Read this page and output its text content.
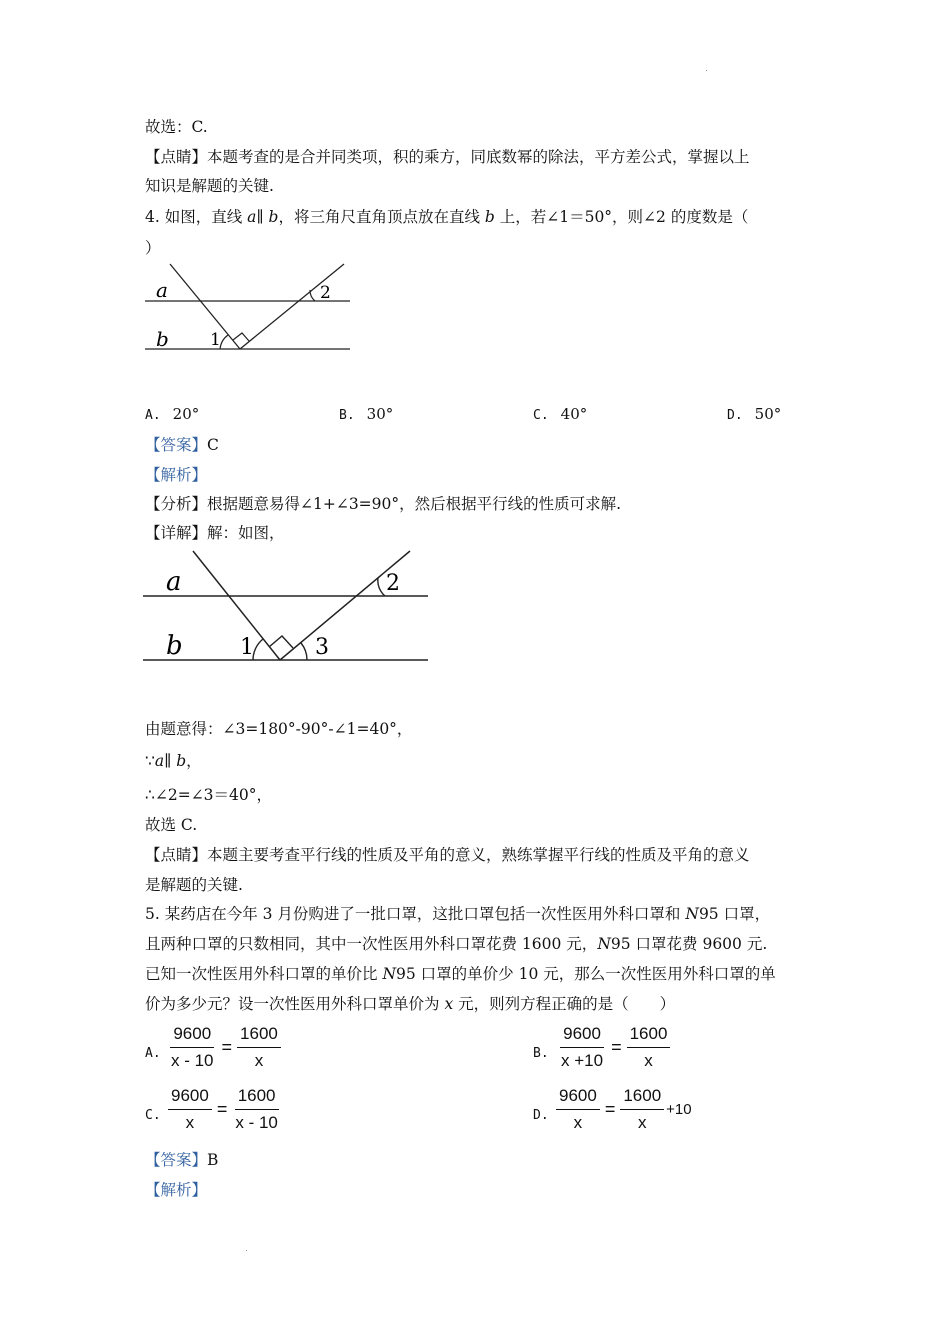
故选：C.
【点睛】本题考查的是合并同类项，积的乘方，同底数幂的除法，平方差公式，掌握以上
知识是解题的关键.
4. 如图，直线 a∥ b，将三角尺直角顶点放在直线 b 上，若∠1＝50°，则∠2 的度数是（
）
a
b 1
2
A. 20°	B. 30°	C. 40°	D. 50°
【答案】C
【解析】
【分析】根据题意易得∠1+∠3=90°，然后根据平行线的性质可求解.
【详解】解：如图，
a
b	1
2
3
由题意得：∠3=180°-90°-∠1=40°，
∵a∥ b，
∴∠2=∠3＝40°，
故选 C.
【点睛】本题主要考查平行线的性质及平角的意义，熟练掌握平行线的性质及平角的意义
是解题的关键.
5. 某药店在今年 3 月份购进了一批口罩，这批口罩包括一次性医用外科口罩和 N95 口罩，
且两种口罩的只数相同，其中一次性医用外科口罩花费 1600 元，N95 口罩花费 9600 元.
已知一次性医用外科口罩的单价比 N95 口罩的单价少 10 元，那么一次性医用外科口罩的单
价为多少元？设一次性医用外科口罩单价为 x 元，则列方程正确的是（　　）
A. $\frac{9600}{x - 10} = \frac{1600}{x}$	B. $\frac{9600}{x +10} = \frac{1600}{x}$
C. $\frac{9600}{x} = \frac{1600}{x - 10}$	D. $\frac{9600}{x} = \frac{1600}{x} +10$
【答案】B
【解析】
